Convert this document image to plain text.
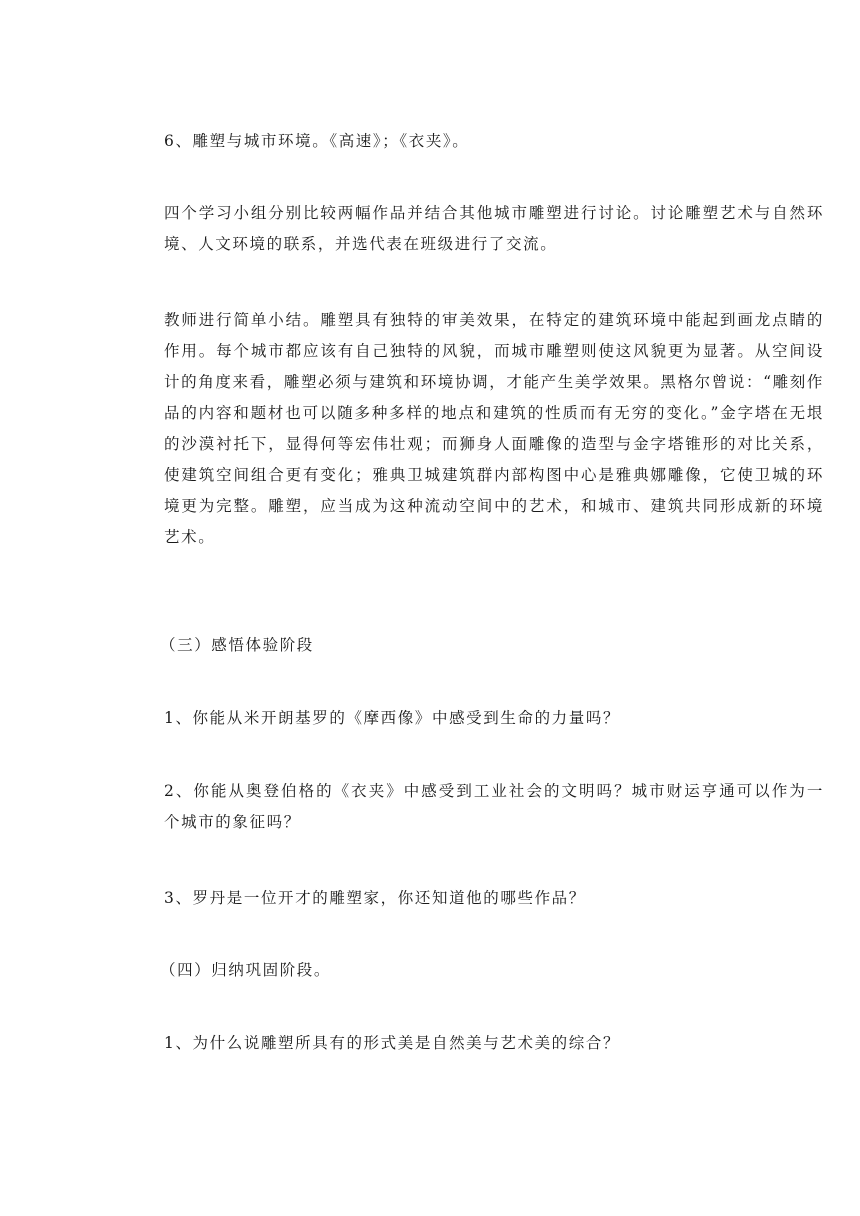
6、雕塑与城市环境。《高速》；《衣夹》。

四个学习小组分别比较两幅作品并结合其他城市雕塑进行讨论。讨论雕塑艺术与自然环境、人文环境的联系，并选代表在班级进行了交流。

教师进行简单小结。雕塑具有独特的审美效果，在特定的建筑环境中能起到画龙点睛的作用。每个城市都应该有自己独特的风貌，而城市雕塑则使这风貌更为显著。从空间设计的角度来看，雕塑必须与建筑和环境协调，才能产生美学效果。黑格尔曾说：“雕刻作品的内容和题材也可以随多种多样的地点和建筑的性质而有无穷的变化。”金字塔在无垠的沙漠衬托下，显得何等宏伟壮观；而狮身人面雕像的造型与金字塔锥形的对比关系，使建筑空间组合更有变化；雅典卫城建筑群内部构图中心是雅典娜雕像，它使卫城的环境更为完整。雕塑，应当成为这种流动空间中的艺术，和城市、建筑共同形成新的环境艺术。

（三）感悟体验阶段

1、你能从米开朗基罗的《摩西像》中感受到生命的力量吗？

2、你能从奥登伯格的《衣夹》中感受到工业社会的文明吗？城市财运亨通可以作为一个城市的象征吗？

3、罗丹是一位开才的雕塑家，你还知道他的哪些作品？

（四）归纳巩固阶段。

1、为什么说雕塑所具有的形式美是自然美与艺术美的综合？
